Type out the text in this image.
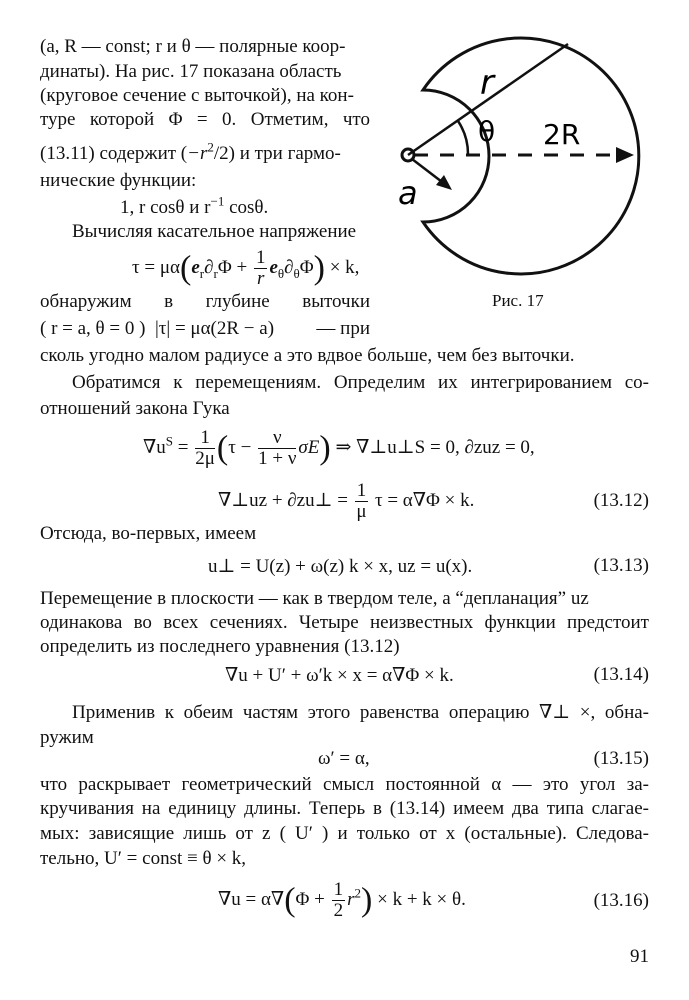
(a, R — const; r и θ — полярные коор-
динаты). На рис. 17 показана область
(круговое сечение с выточкой), на кон-
туре которой Φ = 0. Отметим, что
(13.11) содержит $(-r^2/2)$ и три гармо-
нические функции:
1, r cosθ и $r^{-1}$ cosθ.
Вычисляя касательное напряжение
$\tau = \mu\alpha(e_r\partial_r\Phi + \frac{1}{r} e_\theta\partial_\theta\Phi) \times k$,
обнаружим в глубине выточки
( r = a, θ = 0 ) |τ| = μα(2R − a) — при
сколь угодно малом радиусе a это вдвое больше, чем без выточки.
r
θ 2R
a
Рис. 17
Обратимся к перемещениям. Определим их интегрированием со-
отношений закона Гука
$\nabla u^S = \frac{1}{2\mu} (\tau - \frac{\nu}{1 + \nu} \sigma E)$ ⇒ ∇⊥u⊥S = 0, ∂zuz = 0,
∇⊥uz + ∂zu⊥ = $\frac{1}{\mu}$ τ = α∇Φ × k.	(13.12)
Отсюда, во-первых, имеем
u⊥ = U(z) + ω(z) k × x, uz = u(x).	(13.13)
Перемещение в плоскости — как в твердом теле, а “депланация” uz
одинакова во всех сечениях. Четыре неизвестных функции предстоит
определить из последнего уравнения (13.12)
∇u + U′ + ω′k × x = α∇Φ × k.	(13.14)
Применив к обеим частям этого равенства операцию ∇⊥ ×, обна-
ружим
ω′ = α,	(13.15)
что раскрывает геометрический смысл постоянной α — это угол за-
кручивания на единицу длины. Теперь в (13.14) имеем два типа слагае-
мых: зависящие лишь от z ( U′ ) и только от x (остальные). Следова-
тельно, U′ = const ≡ θ × k,
$\nabla u = \alpha\nabla(\Phi + \frac{1}{2} r^2) \times k + k \times \theta$.	(13.16)
91
